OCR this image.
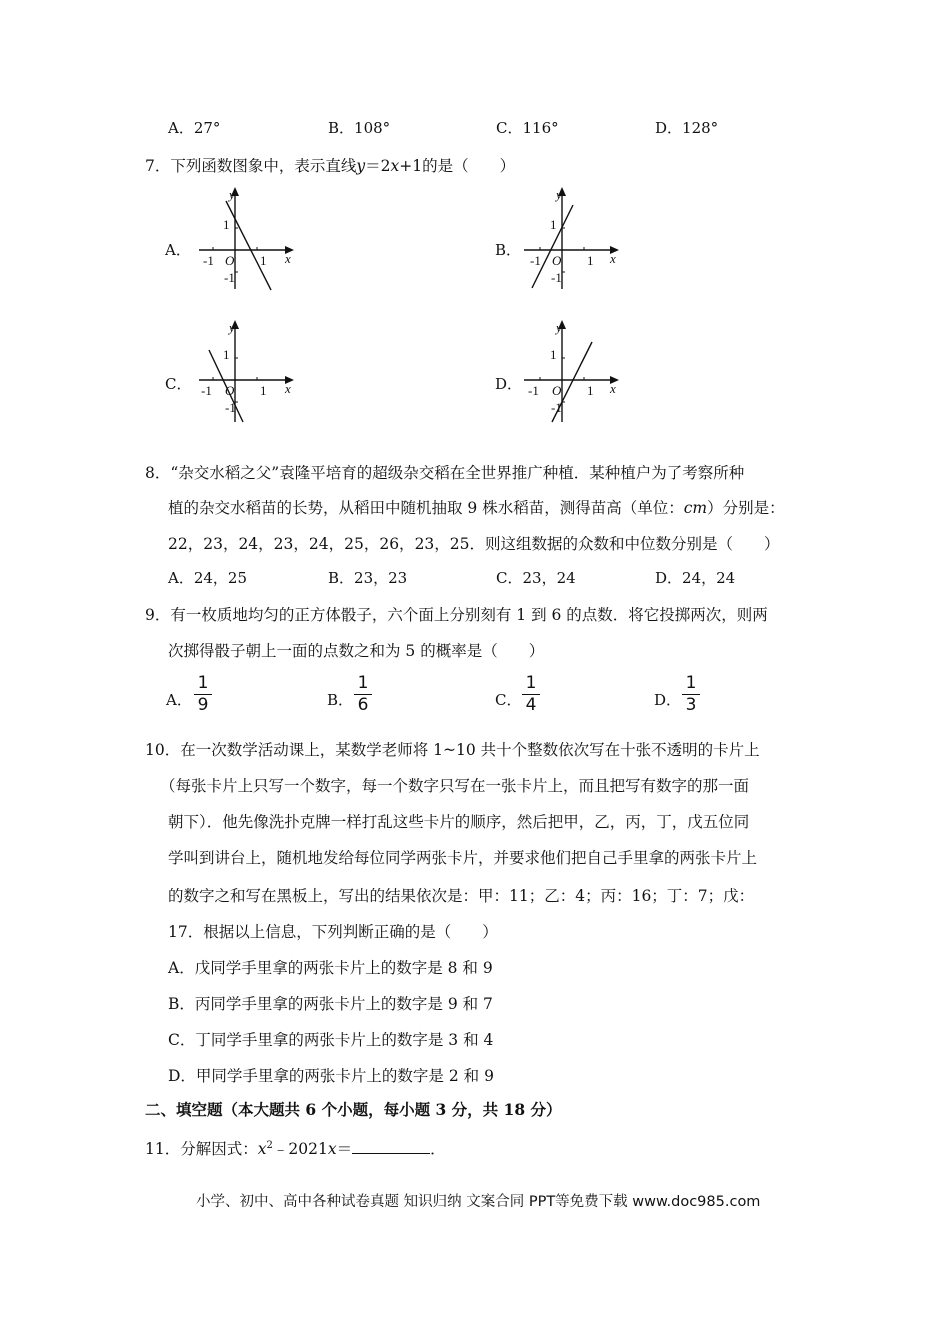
A．27°	B．108°	C．116°	D．128°
7．下列函数图象中，表示直线y＝2x+1的是（　　）
A．	B．
C．	D．
y
x
1
1
-1 O
-1
y
x
1
1
-1 O
-1
y
x
1
1
-1 O
-1
y
x
1
1
-1 O
-1
8．“杂交水稻之父”袁隆平培育的超级杂交稻在全世界推广种植．某种植户为了考察所种
植的杂交水稻苗的长势，从稻田中随机抽取 9 株水稻苗，测得苗高（单位：cm）分别是：
22，23，24，23，24，25，26，23，25．则这组数据的众数和中位数分别是（　　）
A．24，25	B．23，23	C．23，24	D．24，24
9．有一枚质地均匀的正方体骰子，六个面上分别刻有 1 到 6 的点数．将它投掷两次，则两
次掷得骰子朝上一面的点数之和为 5 的概率是（　　）
A． $\frac{1}{9}$	B． $\frac{1}{6}$	C． $\frac{1}{4}$	D． $\frac{1}{3}$
10．在一次数学活动课上，某数学老师将 1~10 共十个整数依次写在十张不透明的卡片上
（每张卡片上只写一个数字，每一个数字只写在一张卡片上，而且把写有数字的那一面
朝下）．他先像洗扑克牌一样打乱这些卡片的顺序，然后把甲，乙，丙，丁，戊五位同
学叫到讲台上，随机地发给每位同学两张卡片，并要求他们把自己手里拿的两张卡片上
的数字之和写在黑板上，写出的结果依次是：甲：11；乙：4；丙：16；丁：7；戊：
17．根据以上信息，下列判断正确的是（　　）
A．戊同学手里拿的两张卡片上的数字是 8 和 9
B．丙同学手里拿的两张卡片上的数字是 9 和 7
C．丁同学手里拿的两张卡片上的数字是 3 和 4
D．甲同学手里拿的两张卡片上的数字是 2 和 9
二、填空题（本大题共 6 个小题，每小题 3 分，共 18 分）
11．分解因式：$x^2﹣2021x=$	．
小学、初中、高中各种试卷真题 知识归纳 文案合同 PPT等免费下载 www.doc985.com
